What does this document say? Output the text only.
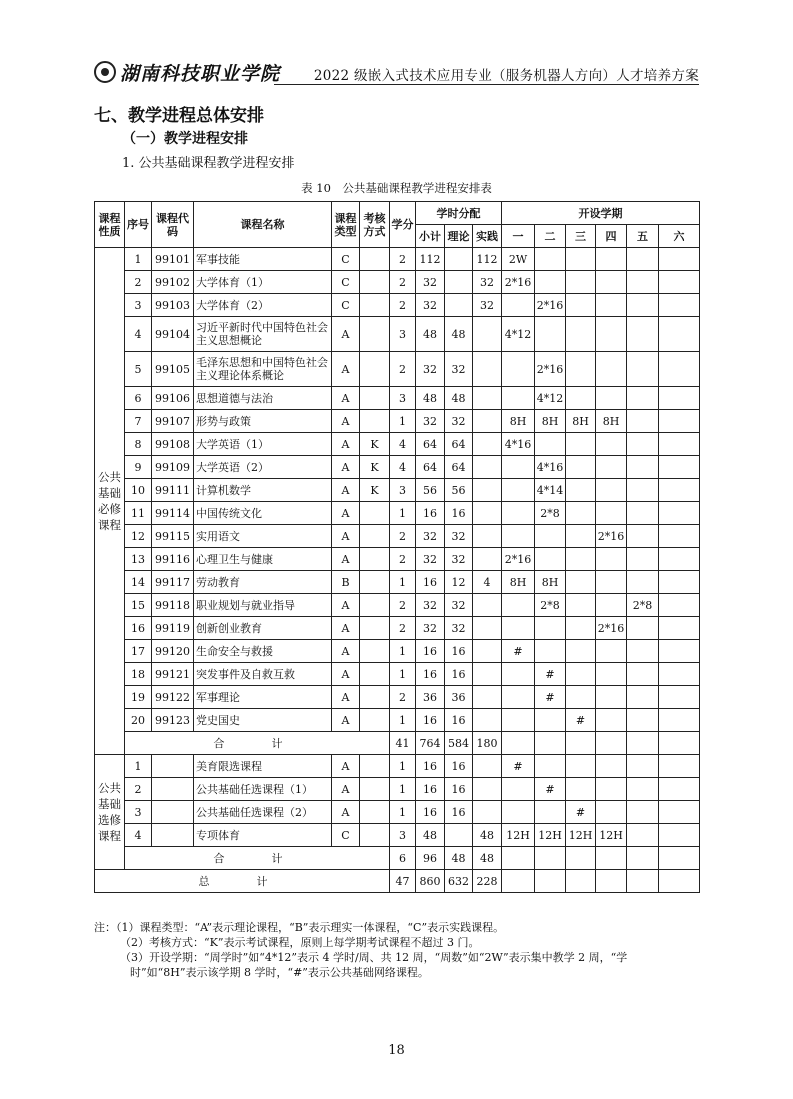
湖南科技职业学院	2022 级嵌入式技术应用专业（服务机器人方向）人才培养方案
七、教学进程总体安排
（一）教学进程安排
1. 公共基础课程教学进程安排
表 10　公共基础课程教学进程安排表
课程性质	序号	课程代码	课程名称	课程类型	考核方式	学分	学时分配			开设学期					
							小计	理论	实践	一	二	三	四	五	六
公共基础必修课程	1	99101	军事技能	C		2	112		112	2W					
	2	99102	大学体育（1）	C		2	32		32	2*16					
	3	99103	大学体育（2）	C		2	32		32		2*16				
	4	99104	习近平新时代中国特色社会主义思想概论	A		3	48	48		4*12					
	5	99105	毛泽东思想和中国特色社会主义理论体系概论	A		2	32	32			2*16				
	6	99106	思想道德与法治	A		3	48	48			4*12				
	7	99107	形势与政策	A		1	32	32		8H	8H	8H	8H		
	8	99108	大学英语（1）	A	K	4	64	64		4*16					
	9	99109	大学英语（2）	A	K	4	64	64			4*16				
	10	99111	计算机数学	A	K	3	56	56			4*14				
	11	99114	中国传统文化	A		1	16	16			2*8				
	12	99115	实用语文	A		2	32	32					2*16		
	13	99116	心理卫生与健康	A		2	32	32		2*16					
	14	99117	劳动教育	B		1	16	12	4	8H	8H				
	15	99118	职业规划与就业指导	A		2	32	32			2*8			2*8	
	16	99119	创新创业教育	A		2	32	32					2*16		
	17	99120	生命安全与救援	A		1	16	16		#					
	18	99121	突发事件及自救互救	A		1	16	16			#				
	19	99122	军事理论	A		2	36	36			#				
	20	99123	党史国史	A		1	16	16				#			
	合　计					41	764	584	180						
公共基础选修课程	1		美育限选课程	A		1	16	16		#					
	2		公共基础任选课程（1）	A		1	16	16			#				
	3		公共基础任选课程（2）	A		1	16	16				#			
	4		专项体育	C		3	48		48	12H	12H	12H	12H		
	合　计					6	96	48	48						
总　计						47	860	632	228						
注：（1）课程类型：“A”表示理论课程，“B”表示理实一体课程，“C”表示实践课程。
（2）考核方式：“K”表示考试课程，原则上每学期考试课程不超过 3 门。
（3）开设学期：“周学时”如“4*12”表示 4 学时/周、共 12 周，“周数”如“2W”表示集中教学 2 周，“学
时”如“8H”表示该学期 8 学时，“#”表示公共基础网络课程。
18
